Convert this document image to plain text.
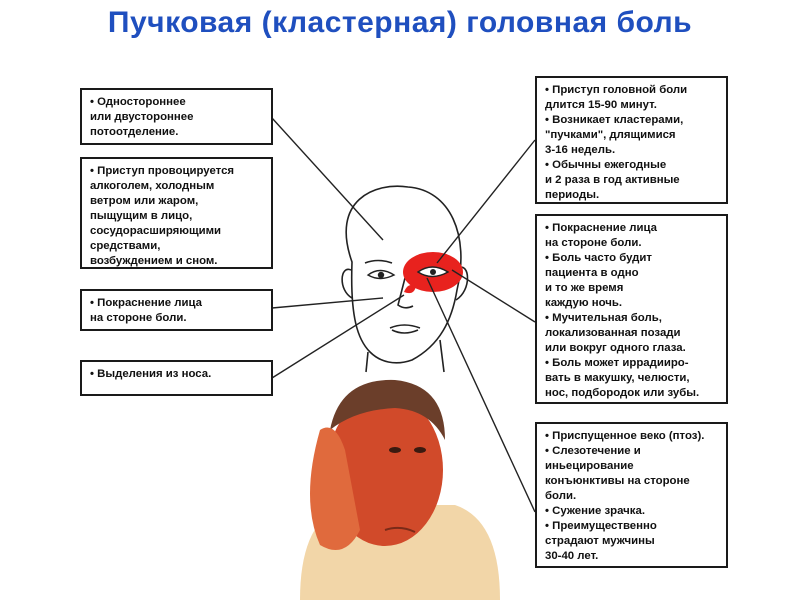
Пучковая (кластерная) головная боль
• Одностороннее
или двустороннее
потоотделение.
• Приступ провоцируется
алкоголем, холодным
ветром или жаром,
пыщущим в лицо,
сосудорасширяющими
средствами,
возбуждением и сном.
• Покраснение лица
на стороне боли.
• Выделения из носа.
• Приступ головной боли
длится 15-90 минут.
• Возникает кластерами,
"пучками", длящимися
3-16 недель.
• Обычны ежегодные
и 2 раза в год активные
периоды.
• Покраснение лица
на стороне боли.
• Боль часто будит
пациента в одно
и то же время
каждую ночь.
• Мучительная боль,
локализованная позади
или вокруг одного глаза.
• Боль может иррадииро-
вать в макушку, челюсти,
нос, подбородок или зубы.
• Приспущенное веко (птоз).
• Слезотечение и
иньецирование
конъюнктивы на стороне
боли.
• Сужение зрачка.
• Преимущественно
страдают мужчины
30-40 лет.
